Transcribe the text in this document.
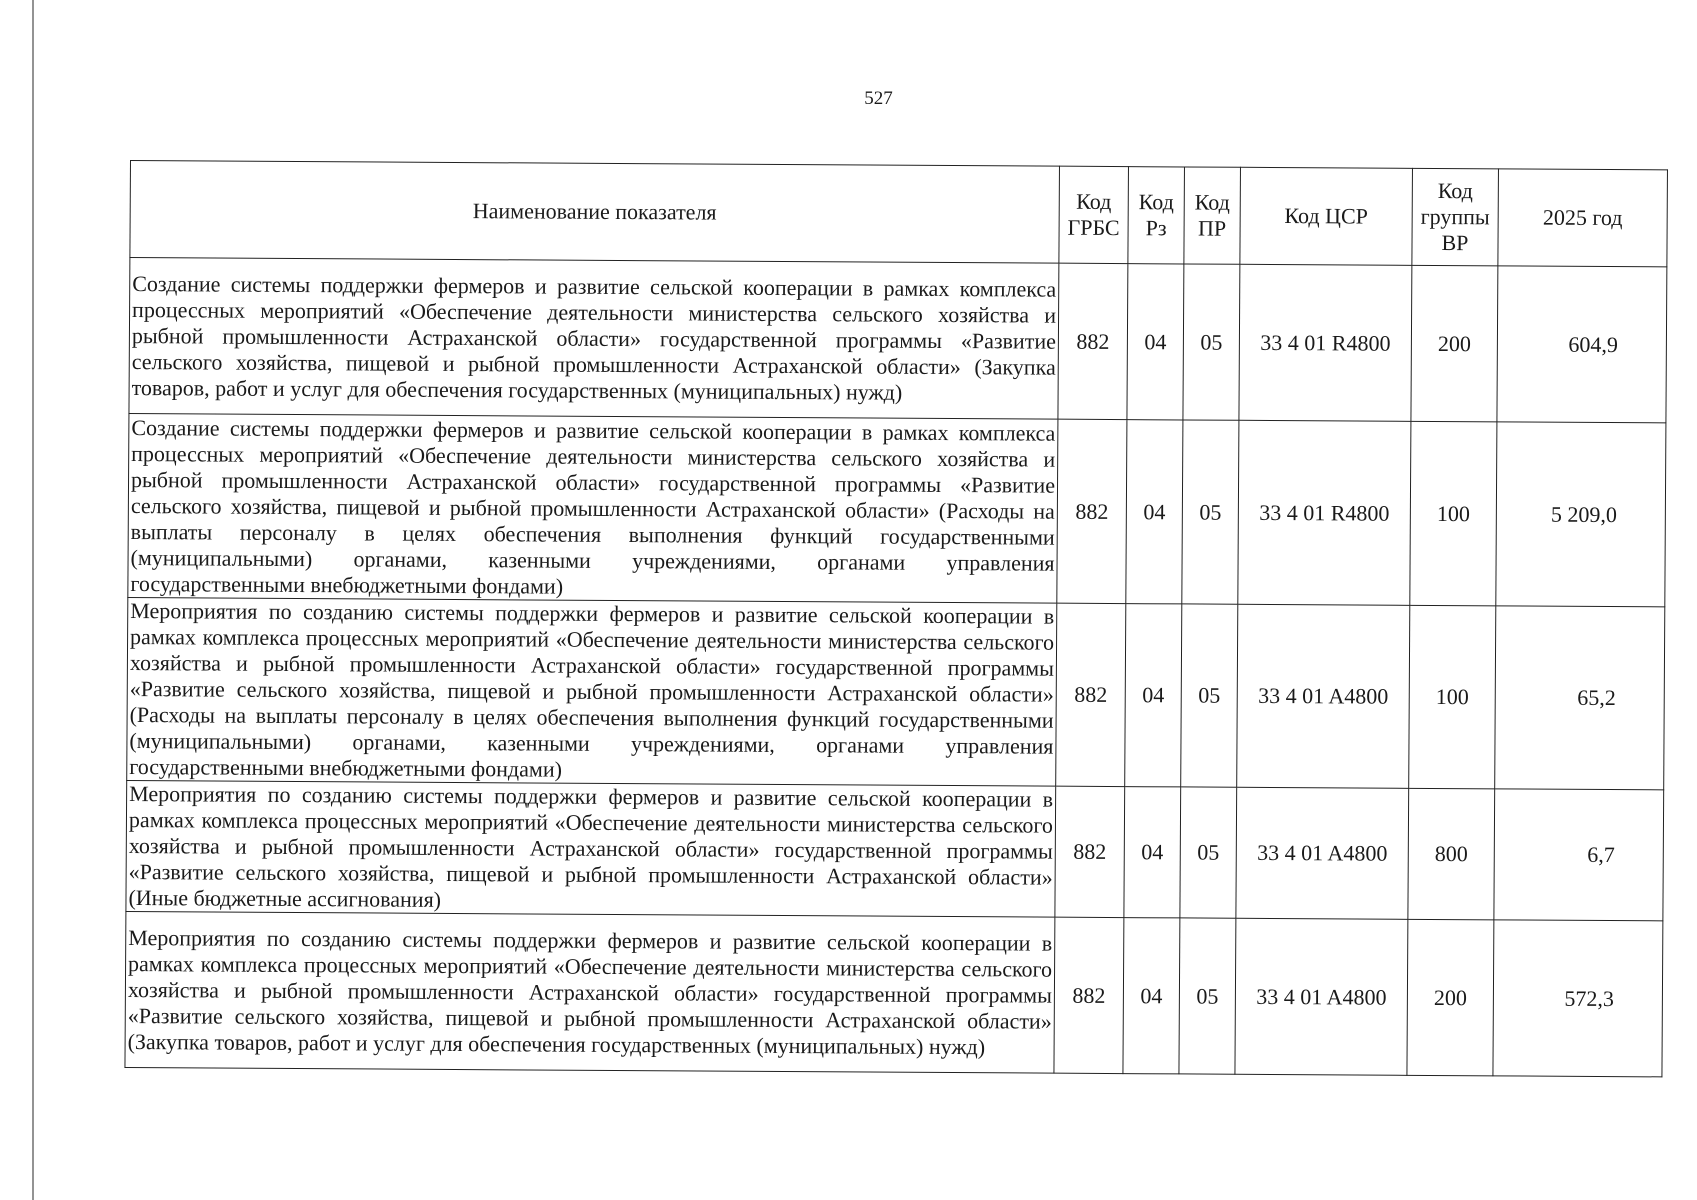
527
Наименование показателя	Код ГРБС	Код Рз	Код ПР	Код ЦСР	Код группы ВР	2025 год
Создание системы поддержки фермеров и развитие сельской кооперации в рамках комплекса процессных мероприятий «Обеспечение деятельности министерства сельского хозяйства и рыбной промышленности Астраханской области» государственной программы «Развитие сельского хозяйства, пищевой и рыбной промышленности Астраханской области» (Закупка товаров, работ и услуг для обеспечения государственных (муниципальных) нужд)	882	04	05	33 4 01 R4800	200	604,9
Создание системы поддержки фермеров и развитие сельской кооперации в рамках комплекса процессных мероприятий «Обеспечение деятельности министерства сельского хозяйства и рыбной промышленности Астраханской области» государственной программы «Развитие сельского хозяйства, пищевой и рыбной промышленности Астраханской области» (Расходы на выплаты персоналу в целях обеспечения выполнения функций государственными (муниципальными) органами, казенными учреждениями, органами управления государственными внебюджетными фондами)	882	04	05	33 4 01 R4800	100	5 209,0
Мероприятия по созданию системы поддержки фермеров и развитие сельской кооперации в рамках комплекса процессных мероприятий «Обеспечение деятельности министерства сельского хозяйства и рыбной промышленности Астраханской области» государственной программы «Развитие сельского хозяйства, пищевой и рыбной промышленности Астраханской области» (Расходы на выплаты персоналу в целях обеспечения выполнения функций государственными (муниципальными) органами, казенными учреждениями, органами управления государственными внебюджетными фондами)	882	04	05	33 4 01 A4800	100	65,2
Мероприятия по созданию системы поддержки фермеров и развитие сельской кооперации в рамках комплекса процессных мероприятий «Обеспечение деятельности министерства сельского хозяйства и рыбной промышленности Астраханской области» государственной программы «Развитие сельского хозяйства, пищевой и рыбной промышленности Астраханской области» (Иные бюджетные ассигнования)	882	04	05	33 4 01 A4800	800	6,7
Мероприятия по созданию системы поддержки фермеров и развитие сельской кооперации в рамках комплекса процессных мероприятий «Обеспечение деятельности министерства сельского хозяйства и рыбной промышленности Астраханской области» государственной программы «Развитие сельского хозяйства, пищевой и рыбной промышленности Астраханской области» (Закупка товаров, работ и услуг для обеспечения государственных (муниципальных) нужд)	882	04	05	33 4 01 A4800	200	572,3
